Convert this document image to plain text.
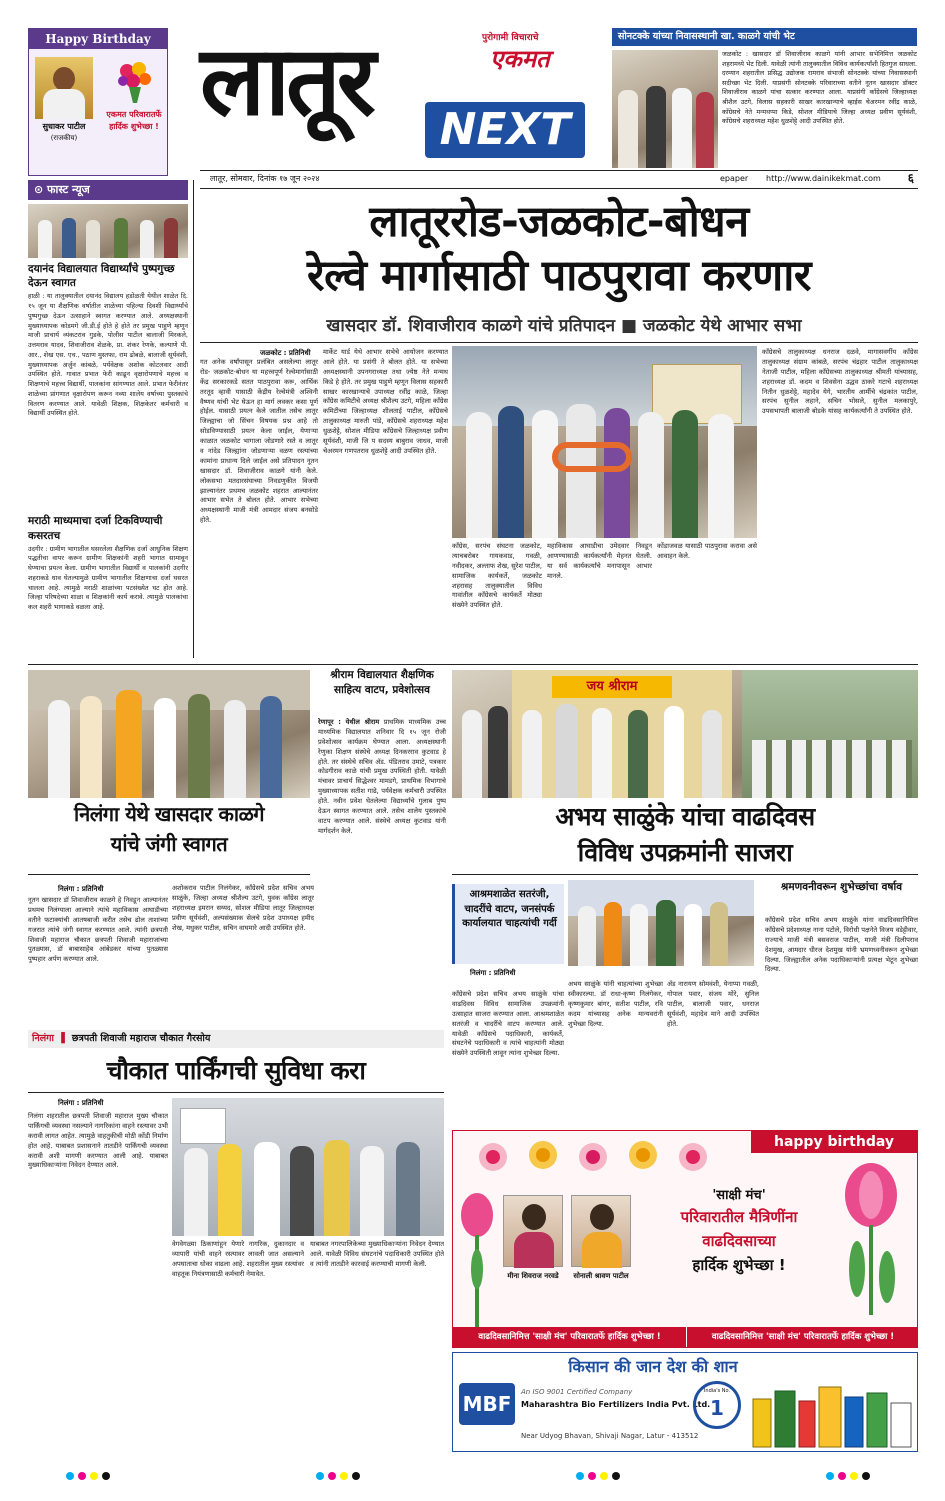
Happy Birthday
सुधाकर पाटील
(राजकीय)
एकमत परिवारातर्फे हार्दिक शुभेच्छा ! लातूर	पुरोगामी विचाराचे
एकमत
NEXT
सोनटक्के यांच्या निवासस्थानी खा. काळगे यांची भेट
जळकोट : खासदार डॉ शिवाजीराव काळगे यांनी आभार सभेनिमित्त जळकोट शहरामध्ये भेट दिली. यावेळी त्यांनी तालुक्यातील विविध कार्यकर्त्यांशी हितगुज साधला. दरम्यान शहरातील प्रसिद्ध उद्योजक रामराव संभाजी सोनटक्के यांच्या निवासस्थानी सदीच्छा भेट दिली. याप्रसंगी सोनटक्के परिवाराच्या वतीने नूतन खासदार डॉक्टर शिवाजीराव काळगे यांचा सत्कार करण्यात आला. याप्रसंगी काँग्रेसचे जिल्हाध्यक्ष श्रीशैल उटगे, विलास सहकारी साखर कारखान्याचे व्हाईस चेअरमन रवींद्र काळे, काँग्रेसचे नेते मन्मथप्पा किडे, सोशल मीडियाचे जिल्हा अध्यक्ष प्रवीण सूर्यवंशी, काँग्रेसचे शहराध्यक्ष महेश धुळशेट्टे आदी उपस्थित होते.
लातूर, सोमवार, दिनांक १७ जून २०२४	epaper http://www.dainikekmat.com ६
⊙ फास्ट न्यूज
दयानंद विद्यालयात विद्यार्थ्यांचे पुष्पगुच्छ देऊन स्वागत
हाळी : या तालुक्यातील दयानंद विद्यालय हडोळती येथील शाळेत दि. १५ जून या शैक्षणिक वर्षातील शाळेच्या पहिल्या दिवशी विद्यार्थ्यांचे पुष्पगुच्छ देऊन उत्साहाने स्वागत करण्यात आले. अध्यक्षस्थानी मुख्याध्यापक कोडमगे जी.डी.ई होते हे होते तर प्रमुख पाहुणे म्हणून माजी प्राचार्य व्यंकटराव गुडके, पोलीस पाटील बालाजी मिरकले, उत्तमराव यादव, शिवाजीराव शेळके, प्रा. शंकर रेणके, कल्याणे पी. आर., शेख एस. एच., पठाण मुस्तफा, राम ढोबळे, बालाजी सूर्यवंशी, मुख्याध्यापक अर्जुन कांबळे, पर्यवेक्षक अशोक कोटलवार आदी उपस्थित होते. गावात प्रभात फेरी काढून वृक्षारोपणाचे महत्त्व व शिक्षणाचे महत्त्व विद्यार्थी, पालकांना सांगण्यात आले. प्रभात फेरीनंतर शाळेच्या प्रांगणात वृक्षारोपण करून नव्या शालेय वर्षाच्या पुस्तकांचे वितरण करण्यात आले. यावेळी शिक्षक, शिक्षकेतर कर्मचारी व विद्यार्थी उपस्थित होते.
मराठी माध्यमाचा दर्जा टिकविण्याची कसरतच
उदगीर : ग्रामीण भागातील घसरलेला शैक्षणिक दर्जा आधुनिक शिक्षण पद्धतीचा वापर करून ग्रामीण शिक्षकांनी शहरी भागात सामावून घेण्याचा प्रयत्न केला. ग्रामीण भागातील विद्यार्थी व पालकांनी उदगीर शहराकडे धाव घेतल्यामुळे ग्रामीण भागातील शिक्षणाचा दर्जा घसरत चालला आहे. त्यामुळे मराठी शाळांच्या पटसंख्येत घट होत आहे. जिल्हा परिषदेच्या शाळा व शिक्षकांनी कार्य करावे. त्यामुळे पालकांचा कल शहरी भागाकडे वळला आहे.
लातूररोड-जळकोट-बोधन
रेल्वे मार्गासाठी पाठपुरावा करणार
खासदार डॉ. शिवाजीराव काळगे यांचे प्रतिपादन ■ जळकोट येथे आभार सभा
जळकोट : प्रतिनिधी
गत अनेक वर्षांपासून प्रलंबित असलेल्या लातूर रोड- जळकोट-बोधन या महत्त्वपूर्ण रेल्वेमार्गासाठी केंद्र सरकारकडे सतत पाठपुरावा करू, आर्थिक तरतूद व्हावी यासाठी केंद्रीय रेल्वेमंत्री अश्विनी वैष्णव यांची भेट घेऊन हा मार्ग लवकर कसा पूर्ण होईल. यासाठी प्रयत्न केले जातील तसेच लातूर जिल्ह्याचा जो सिंचन विषयक प्रश्न आहे तो सोडविण्यासाठी प्रयत्न केला जाईल, येणाऱ्या काळात जळकोट भागाला जोडणारे रस्ते व लातूर व नांदेड जिल्ह्यांना जोडणाऱ्या वळण रस्त्यांच्या कामांना प्राधान्य दिले जाईल असे प्रतिपादन नूतन खासदार डॉ. शिवाजीराव काळगे यांनी केले. लोकसभा मतदारसंघाच्या निवडणुकीत विजयी झाल्यानंतर प्रथमच जळकोट शहरात आल्यानंतर आभार सभेत ते बोलत होते. आभार सभेच्या अध्यक्षस्थानी माजी मंत्री आमदार संजय बनसोडे होते.
मार्केट यार्ड येथे आभार सभेचे आयोजन करण्यात आले होते. या प्रसंगी ते बोलत होते. या सभेच्या अध्यक्षस्थानी उपनगराध्यक्ष तथा ज्येष्ठ नेते मन्मथ किडे हे होते. तर प्रमुख पाहुणे म्हणून विलास सहकारी साखर कारखान्याचे उपाध्यक्ष रवींद्र काळे, जिल्हा काँग्रेस कमिटीचे अध्यक्ष श्रीशैल्य उटगे, महिला काँग्रेस कमिटीच्या जिल्हाध्यक्ष शीलताई पाटील, काँग्रेसचे तालुकाध्यक्ष मारुती पांडे, काँग्रेसचे शहराध्यक्ष महेश धुळशेट्टे, सोशल मीडिया काँग्रेसचे जिल्हाध्यक्ष प्रवीण सूर्यवंशी, माजी जि प सदस्य बाबुराव जाधव, माजी चेअरमन गणपतराव धुळशेट्टे आदी उपस्थित होते.
काँग्रेस, सरपंच संघटना जळकोट, त्याचबरोबर गायकवाड, गवळी, नवीदकर, अल्ताफ शेख, सुरेश पाटील, सामाजिक कार्यकर्ते, जळकोट शहरासह तालुक्यातील विविध गावांतील काँग्रेसचे कार्यकर्ते मोठ्या संख्येने उपस्थित होते.
महाविकास आघाडीचा उमेदवार निवडून आणण्यासाठी कार्यकर्त्यांनी मेहनत घेतली. या सर्व कार्यकर्त्यांचे मनापासून आभार मानले.
कोंडाजवळ यासाठी पाठपुरावा करावा असे आवाहन केले.
काँग्रेसचे तालुकाध्यक्ष धनराज दळवे, मागासवर्गीय काँग्रेस तालुकाध्यक्ष संग्राम कांबळे, सरपंच चंद्रहार पाटील तालुकाध्यक्ष नेताजी पाटील, महिला काँग्रेसच्या तालुकाध्यक्ष श्रीमती यांच्यासह, शहराध्यक्ष डॉ. कदम व शिवसेना उद्धव ठाकरे गटाचे शहराध्यक्ष नितीन धुळशेट्टे, महादेव येगे, भारतीय आर्मीचे चंद्रकांत पाटील, सरपंच सुनील लहाने, सचिन भोसले, सुनील मलकापुरे, उपसभापती बालाजी बोडके यांसह कार्यकर्त्यांनी ते उपस्थित होते.
श्रीराम विद्यालयात शैक्षणिक साहित्य वाटप, प्रवेशोत्सव
रेणापूर : येथील श्रीराम प्राथमिक माध्यमिक उच्च माध्यमिक विद्यालयात शनिवार दि १५ जून रोजी प्रवेशोत्सव कार्यक्रम घेण्यात आला. अध्यक्षस्थानी रेणुका शिक्षण संस्थेचे अध्यक्ष दिनकरराव कुटवाड हे होते. तर संस्थेचे सचिव ॲड. पंडितराव उमाटे, पत्रकार कोडगीराव काळे यांची प्रमुख उपस्थिती होती. यावेळी मंचावर प्राचार्य सिद्धेश्वर मामडगे, प्राथमिक विभागाचे मुख्याध्यापक सतीश गाढे, पर्यवेक्षक कर्मचारी उपस्थित होते. नवीन प्रवेश घेतलेल्या विद्यार्थ्यांचे गुलाब पुष्प देऊन स्वागत करण्यात आले. तसेच शालेय पुस्तकांचे वाटप करण्यात आले. संस्थेचे अध्यक्ष कुटवाड यांनी मार्गदर्शन केले.
जय श्रीराम
निलंगा येथे खासदार काळगे
यांचे जंगी स्वागत
अभय साळुंके यांचा वाढदिवस
विविध उपक्रमांनी साजरा
निलंगा : प्रतिनिधी
नूतन खासदार डॉ शिवाजीराव काळगे हे निवडून आल्यानंतर प्रथमच निलंग्याला आल्याने त्यांचे महाविकास आघाडीच्या वतीने फटाक्यांची आतषबाजी करीत तसेच ढोल ताशांच्या गजरात त्यांचे जंगी स्वागत करण्यात आले. त्यांनी छत्रपती शिवाजी महाराज चौकात छत्रपती शिवाजी महाराजांच्या पुतळ्यास, डॉ बाबासाहेब आंबेडकर यांच्या पुतळ्यास पुष्पहार अर्पण करण्यात आले.
अशोकराव पाटील निलंगेकर, काँग्रेसचे प्रदेश सचिव अभय साळुंके, जिल्हा अध्यक्ष श्रीशैल्य उटगे, युवक काँग्रेस लातूर शहराध्यक्ष इमरान सय्यद, सोशल मीडिया लातूर जिल्हाध्यक्ष प्रवीण सूर्यवंशी, अल्पसंख्याक सेलचे प्रदेश उपाध्यक्ष हमीद शेख, मधुकर पाटील, सचिन वाघमारे आदी उपस्थित होते.
आश्रमशाळेत सतरंजी, चादरींचे वाटप, जनसंपर्क कार्यालयात चाहत्यांची गर्दी
निलंगा : प्रतिनिधी
काँग्रेसचे प्रदेश सचिव अभय साळुंके यांचा वाढदिवस विविध सामाजिक उपक्रमांनी उत्साहात साजरा करण्यात आला. आश्रमशाळेत सतरंजी व चादरींचे वाटप करण्यात आले. यावेळी काँग्रेसचे पदाधिकारी, कार्यकर्ते, संघटनेचे पदाधिकारी व त्यांचे चाहत्यांनी मोठ्या संख्येने उपस्थिती लावून त्यांना शुभेच्छा दिल्या.
अभय साळुंके यांनी चाहत्यांच्या शुभेच्छा स्वीकारल्या. डॉ राधा-कृष्ण निलंगेकर, कृष्णकुमार बांगर, सतीश पाटील, रवि कदम यांच्यासह अनेक मान्यवरांनी शुभेच्छा दिल्या.
ॲड नारायण सोमवंशी, येनाप्पा गवळी, गोपाल पवार, संजय मोरे, सुनिल पाटील, बालाजी पवार, धनराज सूर्यवंशी, महादेव माने आदी उपस्थित होते.
श्रमणवनीवरून शुभेच्छांचा वर्षाव
काँग्रेसचे प्रदेश सचिव अभय साळुंके यांना वाढदिवसानिमित्त काँग्रेसचे प्रदेशाध्यक्ष नाना पटोले, विरोधी पक्षनेते विजय वडेट्टीवार, राज्याचे माजी मंत्री बसवराज पाटील, माजी मंत्री दिलीपराव देशमुख, आमदार धीरज देशमुख यांनी भ्रमणध्वनीवरून शुभेच्छा दिल्या. जिल्ह्यातील अनेक पदाधिकाऱ्यांनी प्रत्यक्ष भेटून शुभेच्छा दिल्या.
निलंगा ▌ छत्रपती शिवाजी महाराज चौकात गैरसोय
चौकात पार्किंगची सुविधा करा
निलंगा : प्रतिनिधी
निलंगा शहरातील छत्रपती शिवाजी महाराज मुख्य चौकात पार्किंगची व्यवस्था नसल्याने नागरिकांना वाहने रस्त्यावर उभी करावी लागत आहेत. त्यामुळे वाहतुकीची मोठी कोंडी निर्माण होत आहे. याबाबत प्रशासनाने तातडीने पार्किंगची व्यवस्था करावी अशी मागणी करण्यात आली आहे. याबाबत मुख्याधिकाऱ्यांना निवेदन देण्यात आले.
वेगवेगळ्या ठिकाणांहून येणारे नागरिक, दुकानदार व व्यापारी यांची वाहने रस्त्यावर लावली जात असल्याने अपघाताचा धोका वाढला आहे. शहरातील मुख्य रस्त्यांवर वाहतूक नियंत्रणासाठी कर्मचारी नेमावेत.
याबाबत नगरपालिकेच्या मुख्याधिकाऱ्यांना निवेदन देण्यात आले. यावेळी विविध संघटनांचे पदाधिकारी उपस्थित होते व त्यांनी तातडीने कारवाई करण्याची मागणी केली.
happy birthday
मीना शिवराज नरवडे	सोनाली श्रावण पाटील
'साक्षी मंच'
परिवारातील मैत्रिणींना
वाढदिवसाच्या
हार्दिक शुभेच्छा !
वाढदिवसानिमित्त 'साक्षी मंच' परिवारातर्फे हार्दिक शुभेच्छा !	वाढदिवसानिमित्त 'साक्षी मंच' परिवारातर्फे हार्दिक शुभेच्छा !
किसान की जान देश की शान
MBF	An ISO 9001 Certified Company
Maharashtra Bio Fertilizers India Pvt. Ltd.
Near Udyog Bhavan, Shivaji Nagar, Latur - 413512
India's No.
1
